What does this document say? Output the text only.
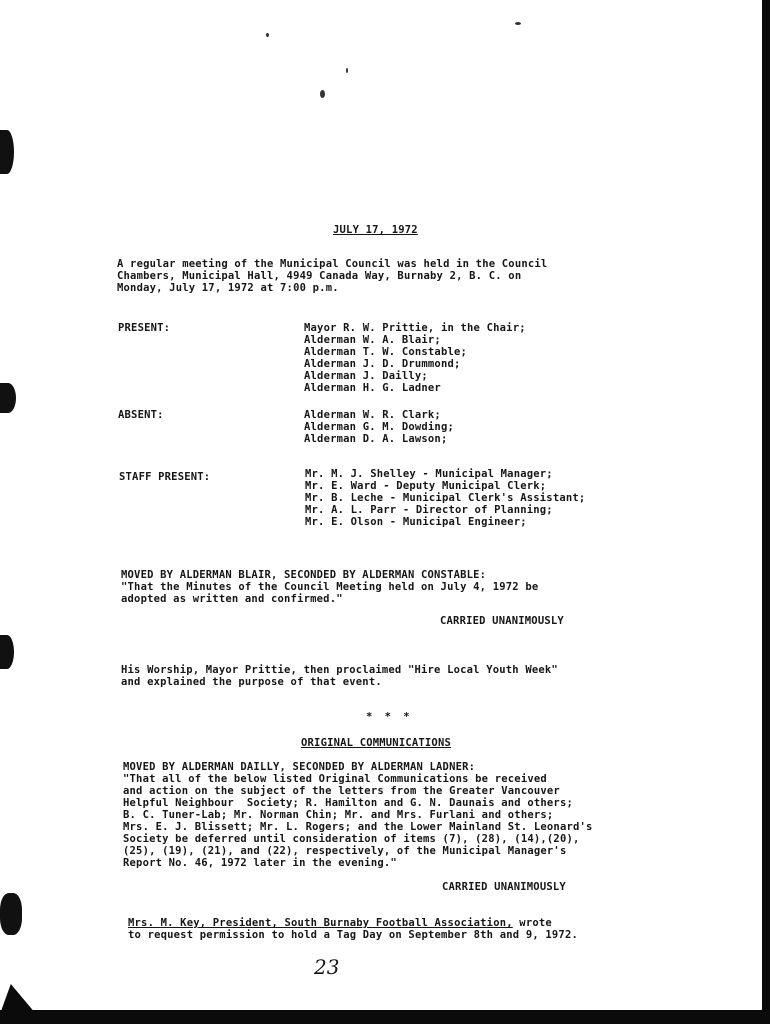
JULY 17, 1972
A regular meeting of the Municipal Council was held in the Council
Chambers, Municipal Hall, 4949 Canada Way, Burnaby 2, B. C. on
Monday, July 17, 1972 at 7:00 p.m.
PRESENT:	Mayor R. W. Prittie, in the Chair;
Alderman W. A. Blair;
Alderman T. W. Constable;
Alderman J. D. Drummond;
Alderman J. Dailly;
Alderman H. G. Ladner
ABSENT:	Alderman W. R. Clark;
Alderman G. M. Dowding;
Alderman D. A. Lawson;
STAFF PRESENT:	Mr. M. J. Shelley - Municipal Manager;
Mr. E. Ward - Deputy Municipal Clerk;
Mr. B. Leche - Municipal Clerk's Assistant;
Mr. A. L. Parr - Director of Planning;
Mr. E. Olson - Municipal Engineer;
MOVED BY ALDERMAN BLAIR, SECONDED BY ALDERMAN CONSTABLE:
"That the Minutes of the Council Meeting held on July 4, 1972 be
adopted as written and confirmed."
CARRIED UNANIMOUSLY
His Worship, Mayor Prittie, then proclaimed "Hire Local Youth Week"
and explained the purpose of that event.
* * *
ORIGINAL COMMUNICATIONS
MOVED BY ALDERMAN DAILLY, SECONDED BY ALDERMAN LADNER:
"That all of the below listed Original Communications be received
and action on the subject of the letters from the Greater Vancouver
Helpful Neighbour  Society; R. Hamilton and G. N. Daunais and others;
B. C. Tuner-Lab; Mr. Norman Chin; Mr. and Mrs. Furlani and others;
Mrs. E. J. Blissett; Mr. L. Rogers; and the Lower Mainland St. Leonard's
Society be deferred until consideration of items (7), (28), (14),(20),
(25), (19), (21), and (22), respectively, of the Municipal Manager's
Report No. 46, 1972 later in the evening."
CARRIED UNANIMOUSLY
Mrs. M. Key, President, South Burnaby Football Association, wrote
to request permission to hold a Tag Day on September 8th and 9, 1972.
23
